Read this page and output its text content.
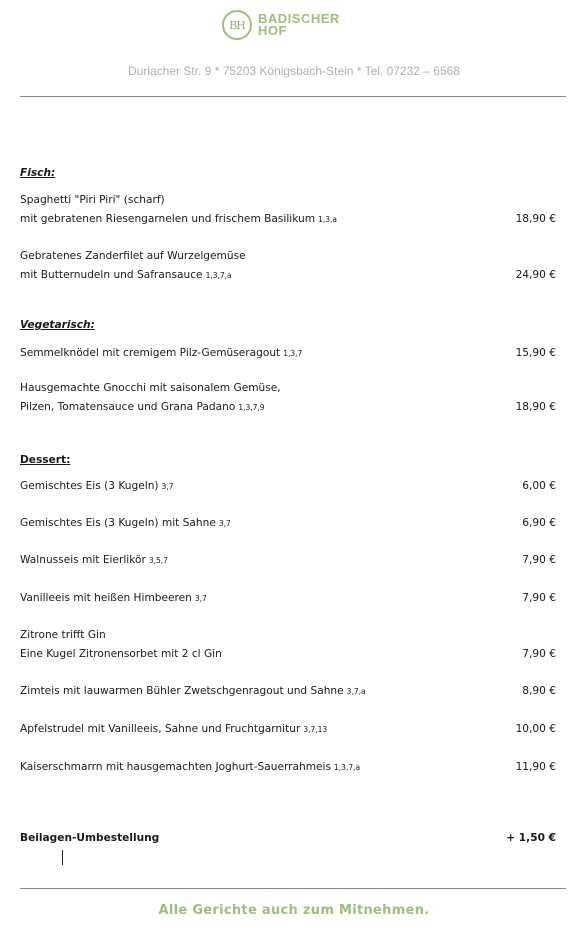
BH	BADISCHER
HOF
Durlacher Str. 9 * 75203 Königsbach-Stein * Tel. 07232 – 6568
Fisch:
Spaghetti "Piri Piri" (scharf)
mit gebratenen Riesengarnelen und frischem Basilikum 1,3,a	18,90 €
Gebratenes Zanderfilet auf Wurzelgemüse
mit Butternudeln und Safransauce 1,3,7,a	24,90 €
Vegetarisch:
Semmelknödel mit cremigem Pilz-Gemüseragout 1,3,7	15,90 €
Hausgemachte Gnocchi mit saisonalem Gemüse,
Pilzen, Tomatensauce und Grana Padano 1,3,7,9	18,90 €
Dessert:
Gemischtes Eis (3 Kugeln) 3,7	6,00 €
Gemischtes Eis (3 Kugeln) mit Sahne 3,7	6,90 €
Walnusseis mit Eierlikör 3,5,7	7,90 €
Vanilleeis mit heißen Himbeeren 3,7	7,90 €
Zitrone trifft Gin
Eine Kugel Zitronensorbet mit 2 cl Gin	7,90 €
Zimteis mit lauwarmen Bühler Zwetschgenragout und Sahne 3,7,a	8,90 €
Apfelstrudel mit Vanilleeis, Sahne und Fruchtgarnitur 3,7,13	10,00 €
Kaiserschmarrn mit hausgemachten Joghurt-Sauerrahmeis 1,3,7,a	11,90 €
Beilagen-Umbestellung	+ 1,50 €
Alle Gerichte auch zum Mitnehmen.
